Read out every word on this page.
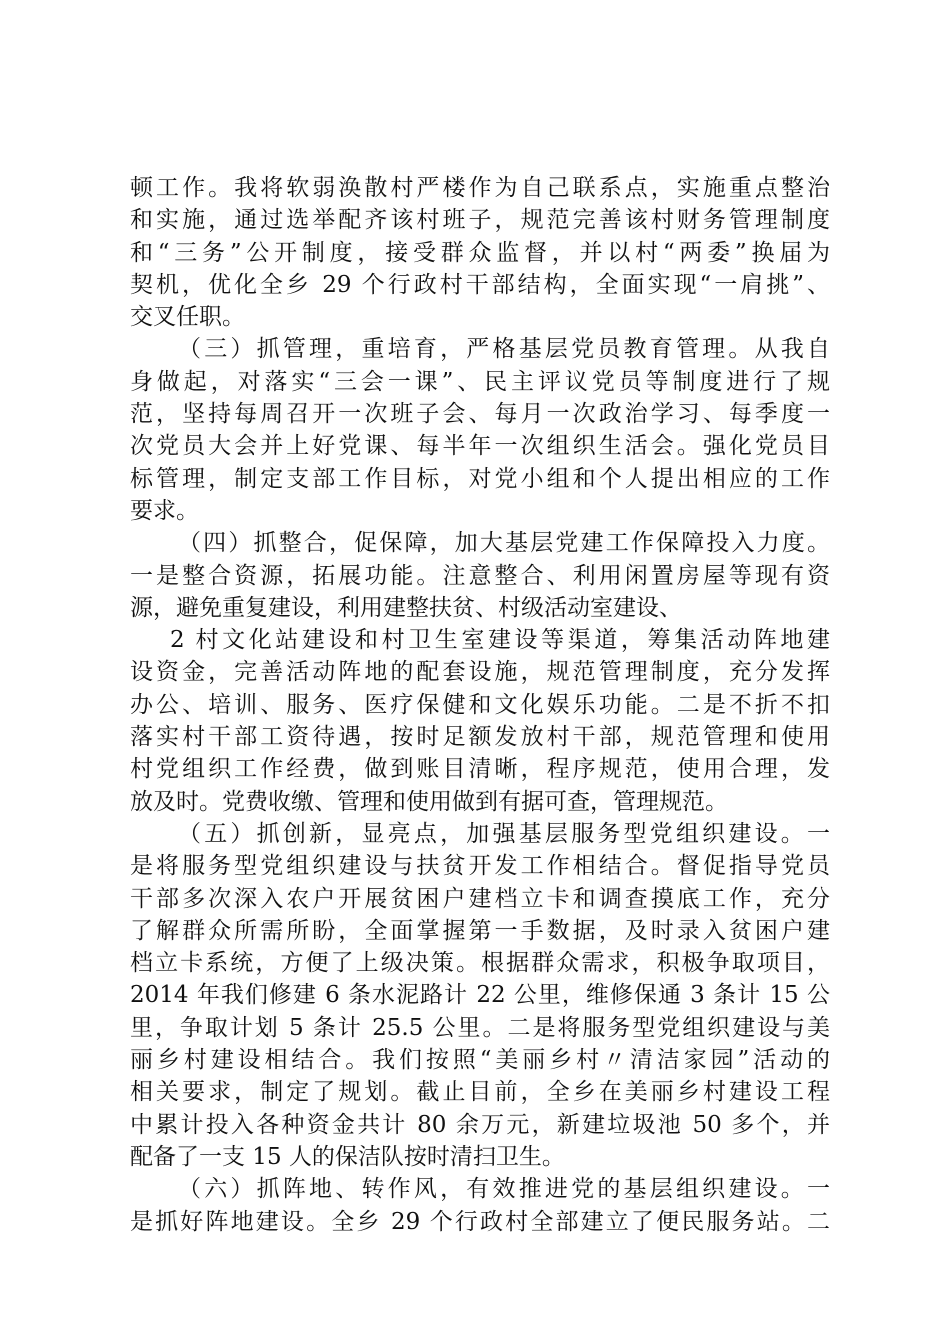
顿工作。我将软弱涣散村严楼作为自己联系点，实施重点整治
和实施，通过选举配齐该村班子，规范完善该村财务管理制度
和“三务”公开制度，接受群众监督，并以村“两委”换届为
契机，优化全乡 29 个行政村干部结构，全面实现“一肩挑”、
交叉任职。
（三）抓管理，重培育，严格基层党员教育管理。从我自
身做起，对落实“三会一课”、民主评议党员等制度进行了规
范，坚持每周召开一次班子会、每月一次政治学习、每季度一
次党员大会并上好党课、每半年一次组织生活会。强化党员目
标管理，制定支部工作目标，对党小组和个人提出相应的工作
要求。
（四）抓整合，促保障，加大基层党建工作保障投入力度。
一是整合资源，拓展功能。注意整合、利用闲置房屋等现有资
源，避免重复建设，利用建整扶贫、村级活动室建设、
2 村文化站建设和村卫生室建设等渠道，筹集活动阵地建
设资金，完善活动阵地的配套设施，规范管理制度，充分发挥
办公、培训、服务、医疗保健和文化娱乐功能。二是不折不扣
落实村干部工资待遇，按时足额发放村干部，规范管理和使用
村党组织工作经费，做到账目清晰，程序规范，使用合理，发
放及时。党费收缴、管理和使用做到有据可查，管理规范。
（五）抓创新，显亮点，加强基层服务型党组织建设。一
是将服务型党组织建设与扶贫开发工作相结合。督促指导党员
干部多次深入农户开展贫困户建档立卡和调查摸底工作，充分
了解群众所需所盼，全面掌握第一手数据，及时录入贫困户建
档立卡系统，方便了上级决策。根据群众需求，积极争取项目，
2014 年我们修建 6 条水泥路计 22 公里，维修保通 3 条计 15 公
里，争取计划 5 条计 25.5 公里。二是将服务型党组织建设与美
丽乡村建设相结合。我们按照“美丽乡村〃清洁家园”活动的
相关要求，制定了规划。截止目前，全乡在美丽乡村建设工程
中累计投入各种资金共计 80 余万元，新建垃圾池 50 多个，并
配备了一支 15 人的保洁队按时清扫卫生。
（六）抓阵地、转作风，有效推进党的基层组织建设。一
是抓好阵地建设。全乡 29 个行政村全部建立了便民服务站。二
